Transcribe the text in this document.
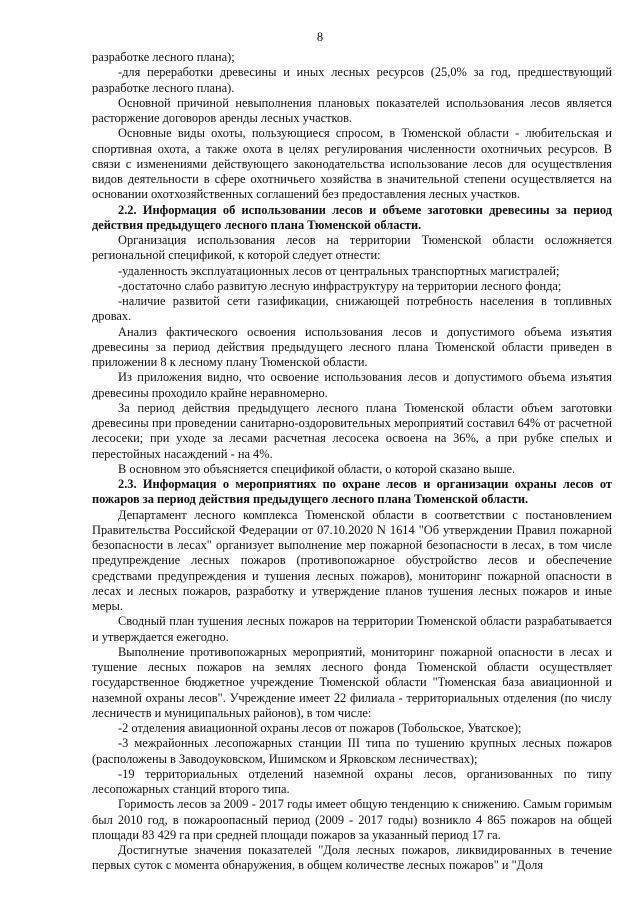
8

разработке лесного плана);

-для переработки древесины и иных лесных ресурсов (25,0% за год, предшествующий разработке лесного плана).

Основной причиной невыполнения плановых показателей использования лесов является расторжение договоров аренды лесных участков.

Основные виды охоты, пользующиеся спросом, в Тюменской области - любительская и спортивная охота, а также охота в целях регулирования численности охотничьих ресурсов. В связи с изменениями действующего законодательства использование лесов для осуществления видов деятельности в сфере охотничьего хозяйства в значительной степени осуществляется на основании охотхозяйственных соглашений без предоставления лесных участков.

2.2. Информация об использовании лесов и объеме заготовки древесины за период действия предыдущего лесного плана Тюменской области.

Организация использования лесов на территории Тюменской области осложняется региональной спецификой, к которой следует отнести:

-удаленность эксплуатационных лесов от центральных транспортных магистралей;

-достаточно слабо развитую лесную инфраструктуру на территории лесного фонда;

-наличие развитой сети газификации, снижающей потребность населения в топливных дровах.

Анализ фактического освоения использования лесов и допустимого объема изъятия древесины за период действия предыдущего лесного плана Тюменской области приведен в приложении 8 к лесному плану Тюменской области.

Из приложения видно, что освоение использования лесов и допустимого объема изъятия древесины проходило крайне неравномерно.

За период действия предыдущего лесного плана Тюменской области объем заготовки древесины при проведении санитарно-оздоровительных мероприятий составил 64% от расчетной лесосеки; при уходе за лесами расчетная лесосека освоена на 36%, а при рубке спелых и перестойных насаждений - на 4%.

В основном это объясняется спецификой области, о которой сказано выше.

2.3. Информация о мероприятиях по охране лесов и организации охраны лесов от пожаров за период действия предыдущего лесного плана Тюменской области.

Департамент лесного комплекса Тюменской области в соответствии с постановлением Правительства Российской Федерации от 07.10.2020 N 1614 "Об утверждении Правил пожарной безопасности в лесах" организует выполнение мер пожарной безопасности в лесах, в том числе предупреждение лесных пожаров (противопожарное обустройство лесов и обеспечение средствами предупреждения и тушения лесных пожаров), мониторинг пожарной опасности в лесах и лесных пожаров, разработку и утверждение планов тушения лесных пожаров и иные меры.

Сводный план тушения лесных пожаров на территории Тюменской области разрабатывается и утверждается ежегодно.

Выполнение противопожарных мероприятий, мониторинг пожарной опасности в лесах и тушение лесных пожаров на землях лесного фонда Тюменской области осуществляет государственное бюджетное учреждение Тюменской области "Тюменская база авиационной и наземной охраны лесов". Учреждение имеет 22 филиала - территориальных отделения (по числу лесничеств и муниципальных районов), в том числе:

-2 отделения авиационной охраны лесов от пожаров (Тобольское, Уватское);

-3 межрайонных лесопожарных станции III типа по тушению крупных лесных пожаров (расположены в Заводоуковском, Ишимском и Ярковском лесничествах);

-19 территориальных отделений наземной охраны лесов, организованных по типу лесопожарных станций второго типа.

Горимость лесов за 2009 - 2017 годы имеет общую тенденцию к снижению. Самым горимым был 2010 год, в пожароопасный период (2009 - 2017 годы) возникло 4 865 пожаров на общей площади 83 429 га при средней площади пожаров за указанный период 17 га.

Достигнутые значения показателей "Доля лесных пожаров, ликвидированных в течение первых суток с момента обнаружения, в общем количестве лесных пожаров" и "Доля
